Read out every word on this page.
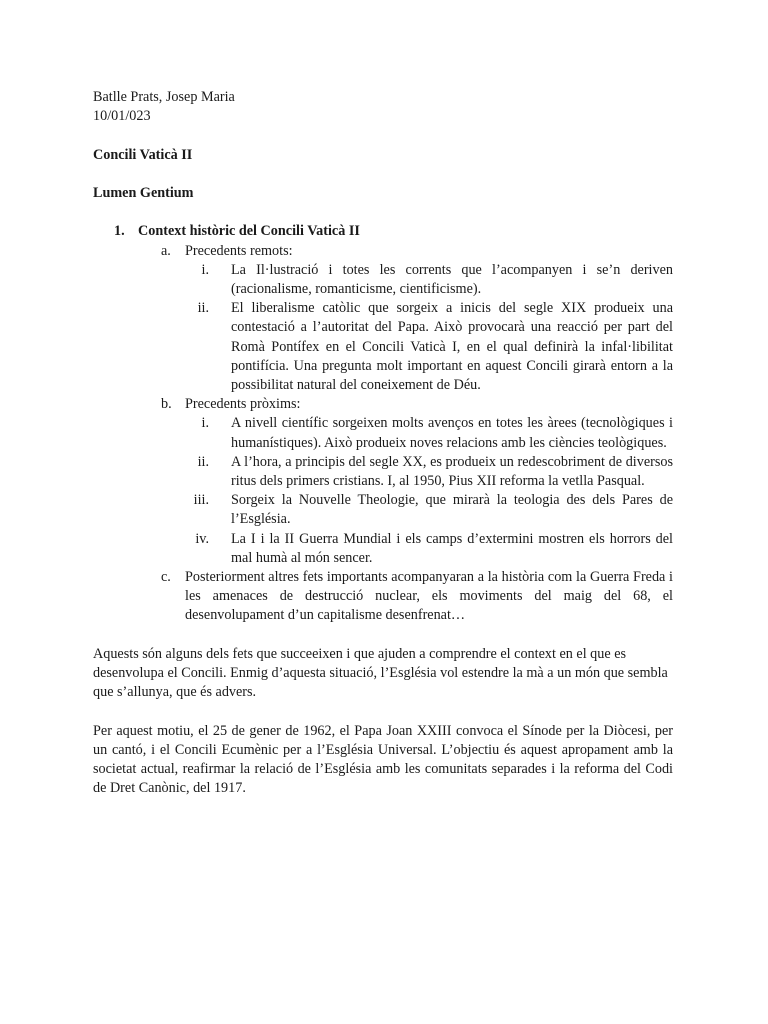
Batlle Prats, Josep Maria
10/01/023
Concili Vaticà II
Lumen Gentium
1. Context històric del Concili Vaticà II
a. Precedents remots:
i. La Il·lustració i totes les corrents que l’acompanyen i se’n deriven (racionalisme, romanticisme, cientificisme).
ii. El liberalisme catòlic que sorgeix a inicis del segle XIX produeix una contestació a l’autoritat del Papa. Això provocarà una reacció per part del Romà Pontífex en el Concili Vaticà I, en el qual definirà la infal·libilitat pontifícia. Una pregunta molt important en aquest Concili girarà entorn a la possibilitat natural del coneixement de Déu.
b. Precedents pròxims:
i. A nivell científic sorgeixen molts avenços en totes les àrees (tecnològiques i humanístiques). Això produeix noves relacions amb les ciències teològiques.
ii. A l’hora, a principis del segle XX, es produeix un redescobriment de diversos ritus dels primers cristians. I, al 1950, Pius XII reforma la vetlla Pasqual.
iii. Sorgeix la Nouvelle Theologie, que mirarà la teologia des dels Pares de l’Església.
iv. La I i la II Guerra Mundial i els camps d’extermini mostren els horrors del mal humà al món sencer.
c. Posteriorment altres fets importants acompanyaran a la història com la Guerra Freda i les amenaces de destrucció nuclear, els moviments del maig del 68, el desenvolupament d’un capitalisme desenfrenat…
Aquests són alguns dels fets que succeeixen i que ajuden a comprendre el context en el que es desenvolupa el Concili. Enmig d’aquesta situació, l’Església vol estendre la mà a un món que sembla que s’allunya, que és advers.
Per aquest motiu, el 25 de gener de 1962, el Papa Joan XXIII convoca el Sínode per la Diòcesi, per un cantó, i el Concili Ecumènic per a l’Església Universal. L’objectiu és aquest apropament amb la societat actual, reafirmar la relació de l’Església amb les comunitats separades i la reforma del Codi de Dret Canònic, del 1917.
